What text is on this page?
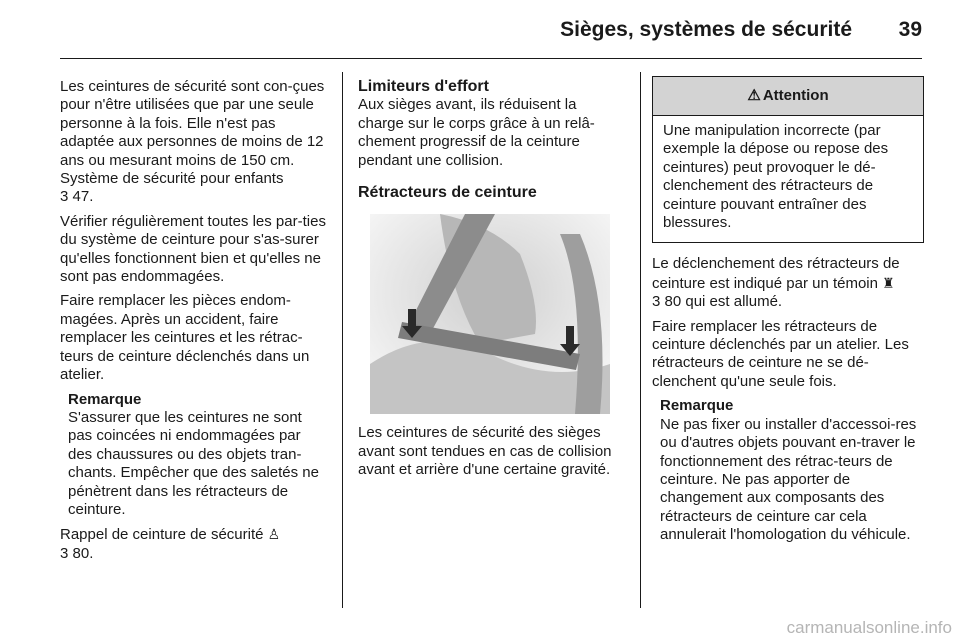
Sièges, systèmes de sécurité 39

Les ceintures de sécurité sont con-çues pour n'être utilisées que par une seule personne à la fois. Elle n'est pas adaptée aux personnes de moins de 12 ans ou mesurant moins de 150 cm. Système de sécurité pour enfants
3 47.

Vérifier régulièrement toutes les par-ties du système de ceinture pour s'as-surer qu'elles fonctionnent bien et qu'elles ne sont pas endommagées.

Faire remplacer les pièces endom-magées. Après un accident, faire remplacer les ceintures et les rétrac-teurs de ceinture déclenchés dans un atelier.

Remarque
S'assurer que les ceintures ne sont pas coincées ni endommagées par des chaussures ou des objets tran-chants. Empêcher que des saletés ne pénètrent dans les rétracteurs de ceinture.

Rappel de ceinture de sécurité ♙
3 80.

Limiteurs d'effort

Aux sièges avant, ils réduisent la charge sur le corps grâce à un relâ-chement progressif de la ceinture pendant une collision.

Rétracteurs de ceinture

Les ceintures de sécurité des sièges avant sont tendues en cas de collision avant et arrière d'une certaine gravité.

⚠ Attention
Une manipulation incorrecte (par exemple la dépose ou repose des ceintures) peut provoquer le dé-clenchement des rétracteurs de ceinture pouvant entraîner des blessures.

Le déclenchement des rétracteurs de ceinture est indiqué par un témoin ♜
3 80 qui est allumé.

Faire remplacer les rétracteurs de ceinture déclenchés par un atelier. Les rétracteurs de ceinture ne se dé-clenchent qu'une seule fois.

Remarque
Ne pas fixer ou installer d'accessoi-res ou d'autres objets pouvant en-traver le fonctionnement des rétrac-teurs de ceinture. Ne pas apporter de changement aux composants des rétracteurs de ceinture car cela annulerait l'homologation du véhicule.
carmanualsonline.info
